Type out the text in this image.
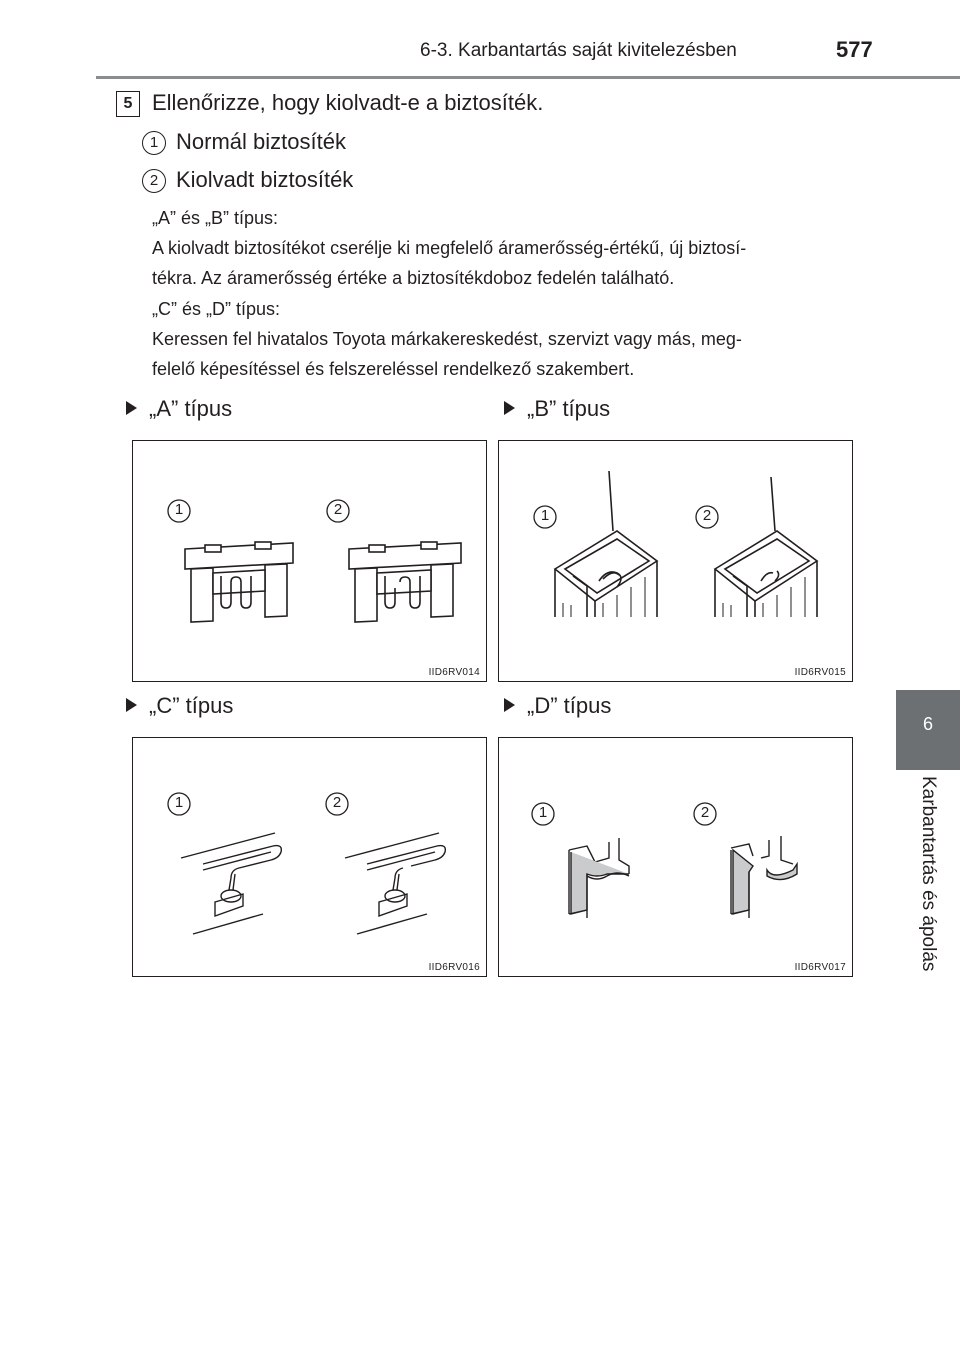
6-3. Karbantartás saját kivitelezésben	577
6
Karbantartás és ápolás
5 Ellenőrizze, hogy kiolvadt-e a biztosíték.
1 Normál biztosíték
2 Kiolvadt biztosíték

„A” és „B” típus:

A kiolvadt biztosítékot cserélje ki megfelelő áramerősség-értékű, új biztosí-

tékra. Az áramerősség értéke a biztosítékdoboz fedelén található.

„C” és „D” típus:

Keressen fel hivatalos Toyota márkakereskedést, szervizt vagy más, meg-

felelő képesítéssel és felszereléssel rendelkező szakembert.

„A” típus	„B” típus
„C” típus	„D” típus
1	2
IID6RV014
1	2
IID6RV015
1	2
IID6RV016
1	2
IID6RV017
